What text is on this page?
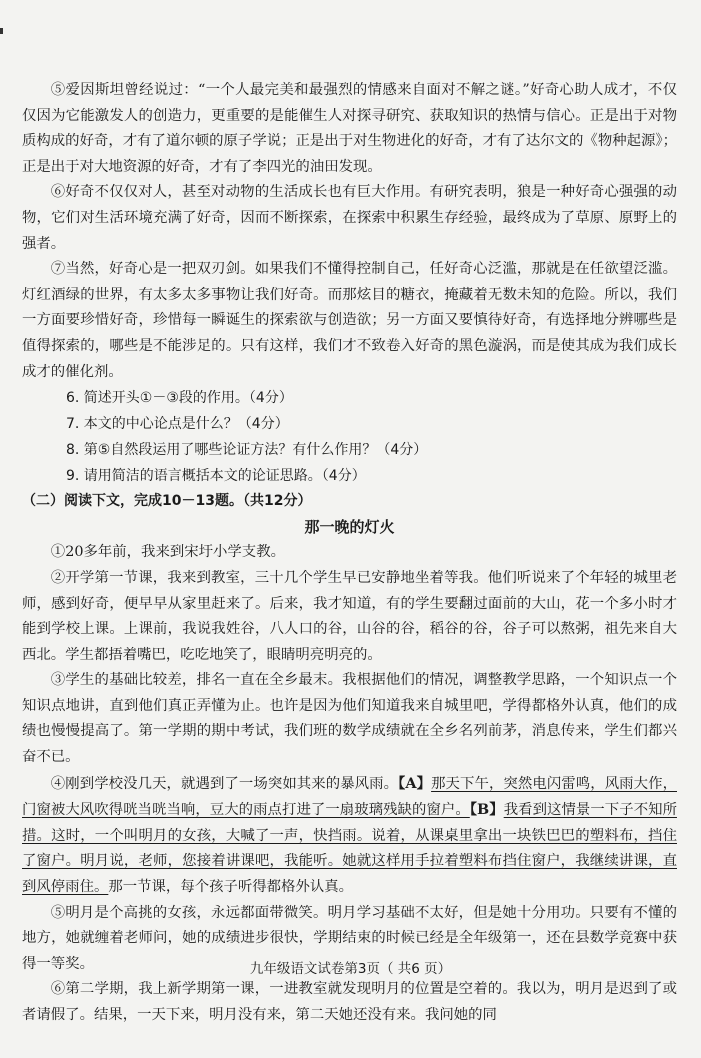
⑤爱因斯坦曾经说过：“一个人最完美和最强烈的情感来自面对不解之谜。”好奇心助人成才，不仅仅因为它能激发人的创造力，更重要的是能催生人对探寻研究、获取知识的热情与信心。正是出于对物质构成的好奇，才有了道尔顿的原子学说；正是出于对生物进化的好奇，才有了达尔文的《物种起源》；正是出于对大地资源的好奇，才有了李四光的油田发现。

⑥好奇不仅仅对人，甚至对动物的生活成长也有巨大作用。有研究表明，狼是一种好奇心强强的动物，它们对生活环境充满了好奇，因而不断探索，在探索中积累生存经验，最终成为了草原、原野上的强者。

⑦当然，好奇心是一把双刃剑。如果我们不懂得控制自己，任好奇心泛滥，那就是在任欲望泛滥。灯红酒绿的世界，有太多太多事物让我们好奇。而那炫目的糖衣，掩藏着无数未知的危险。所以，我们一方面要珍惜好奇，珍惜每一瞬诞生的探索欲与创造欲；另一方面又要慎待好奇，有选择地分辨哪些是值得探索的，哪些是不能涉足的。只有这样，我们才不致卷入好奇的黑色漩涡，而是使其成为我们成长成才的催化剂。

6. 简述开头①－③段的作用。（4分）

7. 本文的中心论点是什么？（4分）

8. 第⑤自然段运用了哪些论证方法？有什么作用？（4分）

9. 请用简洁的语言概括本文的论证思路。（4分）

（二）阅读下文，完成10－13题。（共12分）

那一晚的灯火

①20多年前，我来到宋圩小学支教。

②开学第一节课，我来到教室，三十几个学生早已安静地坐着等我。他们听说来了个年轻的城里老师，感到好奇，便早早从家里赶来了。后来，我才知道，有的学生要翻过面前的大山，花一个多小时才能到学校上课。上课前，我说我姓谷，八人口的谷，山谷的谷，稻谷的谷，谷子可以熬粥，祖先来自大西北。学生都捂着嘴巴，吃吃地笑了，眼睛明亮明亮的。

③学生的基础比较差，排名一直在全乡最末。我根据他们的情况，调整教学思路，一个知识点一个知识点地讲，直到他们真正弄懂为止。也许是因为他们知道我来自城里吧，学得都格外认真，他们的成绩也慢慢提高了。第一学期的期中考试，我们班的数学成绩就在全乡名列前茅，消息传来，学生们都兴奋不已。

④刚到学校没几天，就遇到了一场突如其来的暴风雨。【A】那天下午，突然电闪雷鸣，风雨大作，门窗被大风吹得咣当咣当响，豆大的雨点打进了一扇玻璃残缺的窗户。【B】我看到这情景一下子不知所措。这时，一个叫明月的女孩，大喊了一声，快挡雨。说着，从课桌里拿出一块铁巴巴的塑料布，挡住了窗户。明月说，老师，您接着讲课吧，我能听。她就这样用手拉着塑料布挡住窗户，我继续讲课，直到风停雨住。那一节课，每个孩子听得都格外认真。

⑤明月是个高挑的女孩，永远都面带微笑。明月学习基础不太好，但是她十分用功。只要有不懂的地方，她就缠着老师问，她的成绩进步很快，学期结束的时候已经是全年级第一，还在县数学竞赛中获得一等奖。

⑥第二学期，我上新学期第一课，一进教室就发现明月的位置是空着的。我以为，明月是迟到了或者请假了。结果，一天下来，明月没有来，第二天她还没有来。我问她的同

九年级语文试卷第3页（ 共6 页）
